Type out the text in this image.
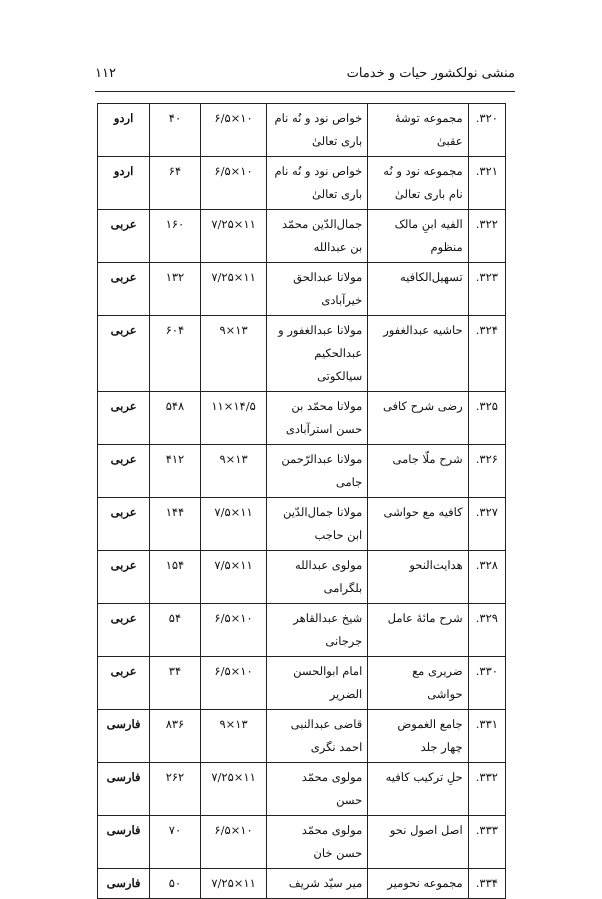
منشی نولکشور حیات و خدمات
۱۱۲
۳۲۰.	مجموعه توشهٔ عقبیٰ	خواص نود و نُه نام باری تعالیٰ	۱۰×۶/۵	۴۰	اردو
۳۲۱.	مجموعه نود و نُه نام باری تعالیٰ	خواص نود و نُه نام باری تعالیٰ	۱۰×۶/۵	۶۴	اردو
۳۲۲.	الفیه ابنِ مالک منظوم	جمال‌الدّین محمّد بن عبدالله	۱۱×۷/۲۵	۱۶۰	عربی
۳۲۳.	تسهیل‌الکافیه	مولانا عبدالحق خیرآبادی	۱۱×۷/۲۵	۱۳۲	عربی
۳۲۴.	حاشیه عبدالغفور	مولانا عبدالغفور و عبدالحکیم سیالکوتی	۱۳×۹	۶۰۴	عربی
۳۲۵.	رضی شرح کافی	مولانا محمّد بن حسن استرآبادی	۱۴/۵×۱۱	۵۴۸	عربی
۳۲۶.	شرح ملّا جامی	مولانا عبدالرّحمن جامی	۱۳×۹	۴۱۲	عربی
۳۲۷.	کافیه مع حواشی	مولانا جمال‌الدّین ابن حاجب	۱۱×۷/۵	۱۴۴	عربی
۳۲۸.	هدایت‌النحو	مولوی عبدالله بلگرامی	۱۱×۷/۵	۱۵۴	عربی
۳۲۹.	شرح مائهٔ عامل	شیخ عبدالقاهر جرجانی	۱۰×۶/۵	۵۴	عربی
۳۳۰.	ضریری مع حواشی	امام ابوالحسن الضریر	۱۰×۶/۵	۳۴	عربی
۳۳۱.	جامع الغموض چهار جلد	قاضی عبدالنبی احمد نگری	۱۳×۹	۸۳۶	فارسی
۳۳۲.	حلِ ترکیب کافیه	مولوی محمّد حسن	۱۱×۷/۲۵	۲۶۲	فارسی
۳۳۳.	اصل اصول نحو	مولوی محمّد حسن خان	۱۰×۶/۵	۷۰	فارسی
۳۳۴.	مجموعه نحومیر	میر سیّد شریف	۱۱×۷/۲۵	۵۰	فارسی
